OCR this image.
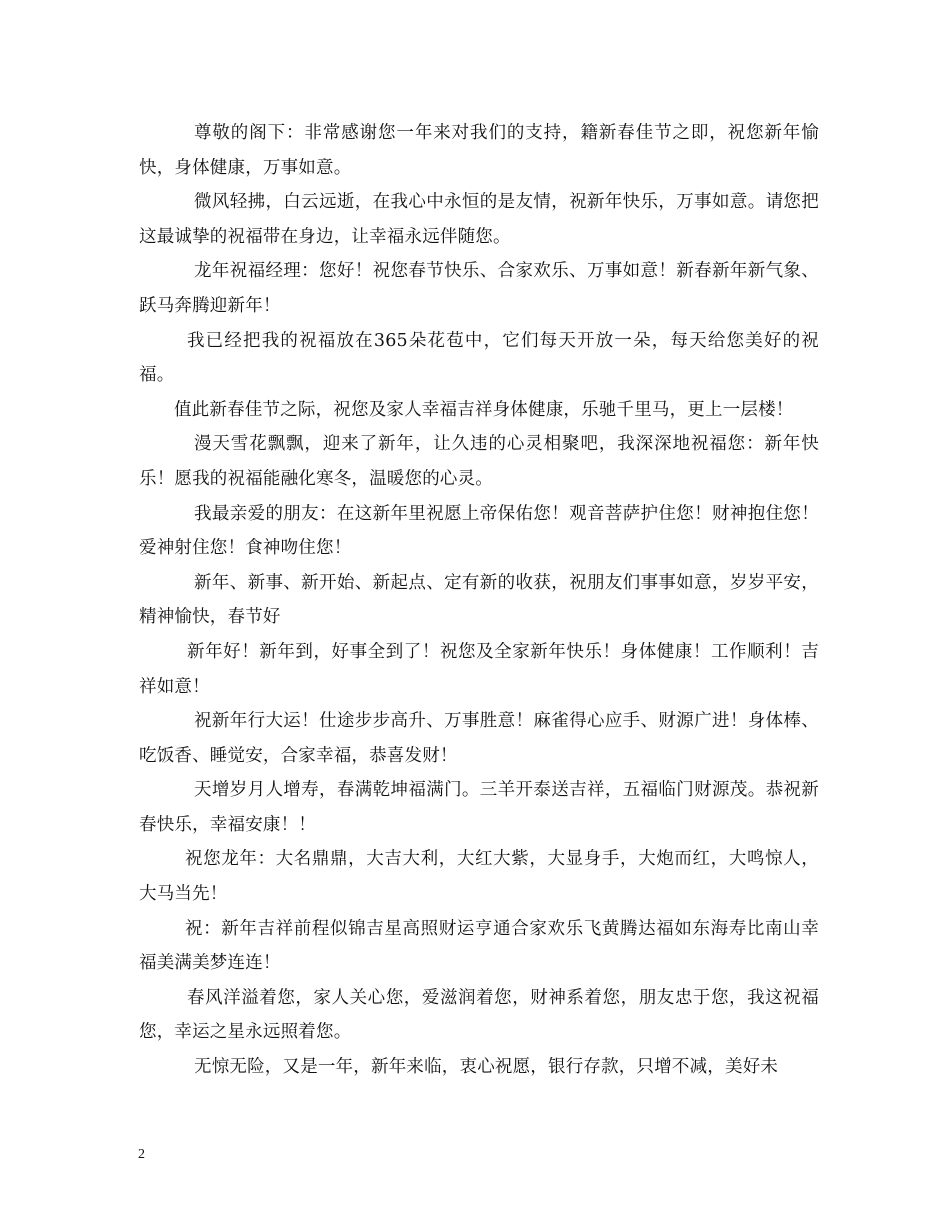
尊敬的阁下：非常感谢您一年来对我们的支持，籍新春佳节之即，祝您新年愉快，身体健康，万事如意。

微风轻拂，白云远逝，在我心中永恒的是友情，祝新年快乐，万事如意。请您把这最诚挚的祝福带在身边，让幸福永远伴随您。

龙年祝福经理：您好！祝您春节快乐、合家欢乐、万事如意！新春新年新气象、跃马奔腾迎新年！

我已经把我的祝福放在365朵花苞中，它们每天开放一朵，每天给您美好的祝福。

值此新春佳节之际，祝您及家人幸福吉祥身体健康，乐驰千里马，更上一层楼！

漫天雪花飘飘，迎来了新年，让久违的心灵相聚吧，我深深地祝福您：新年快乐！愿我的祝福能融化寒冬，温暖您的心灵。

我最亲爱的朋友：在这新年里祝愿上帝保佑您！观音菩萨护住您！财神抱住您！爱神射住您！食神吻住您！

新年、新事、新开始、新起点、定有新的收获，祝朋友们事事如意，岁岁平安，精神愉快，春节好

新年好！新年到，好事全到了！祝您及全家新年快乐！身体健康！工作顺利！吉祥如意！

祝新年行大运！仕途步步高升、万事胜意！麻雀得心应手、财源广进！身体棒、吃饭香、睡觉安，合家幸福，恭喜发财！

天增岁月人增寿，春满乾坤福满门。三羊开泰送吉祥，五福临门财源茂。恭祝新春快乐，幸福安康！！

祝您龙年：大名鼎鼎，大吉大利，大红大紫，大显身手，大炮而红，大鸣惊人，大马当先！

祝：新年吉祥前程似锦吉星高照财运亨通合家欢乐飞黄腾达福如东海寿比南山幸福美满美梦连连！

春风洋溢着您，家人关心您，爱滋润着您，财神系着您，朋友忠于您，我这祝福您，幸运之星永远照着您。

无惊无险，又是一年，新年来临，衷心祝愿，银行存款，只增不减，美好未

2
